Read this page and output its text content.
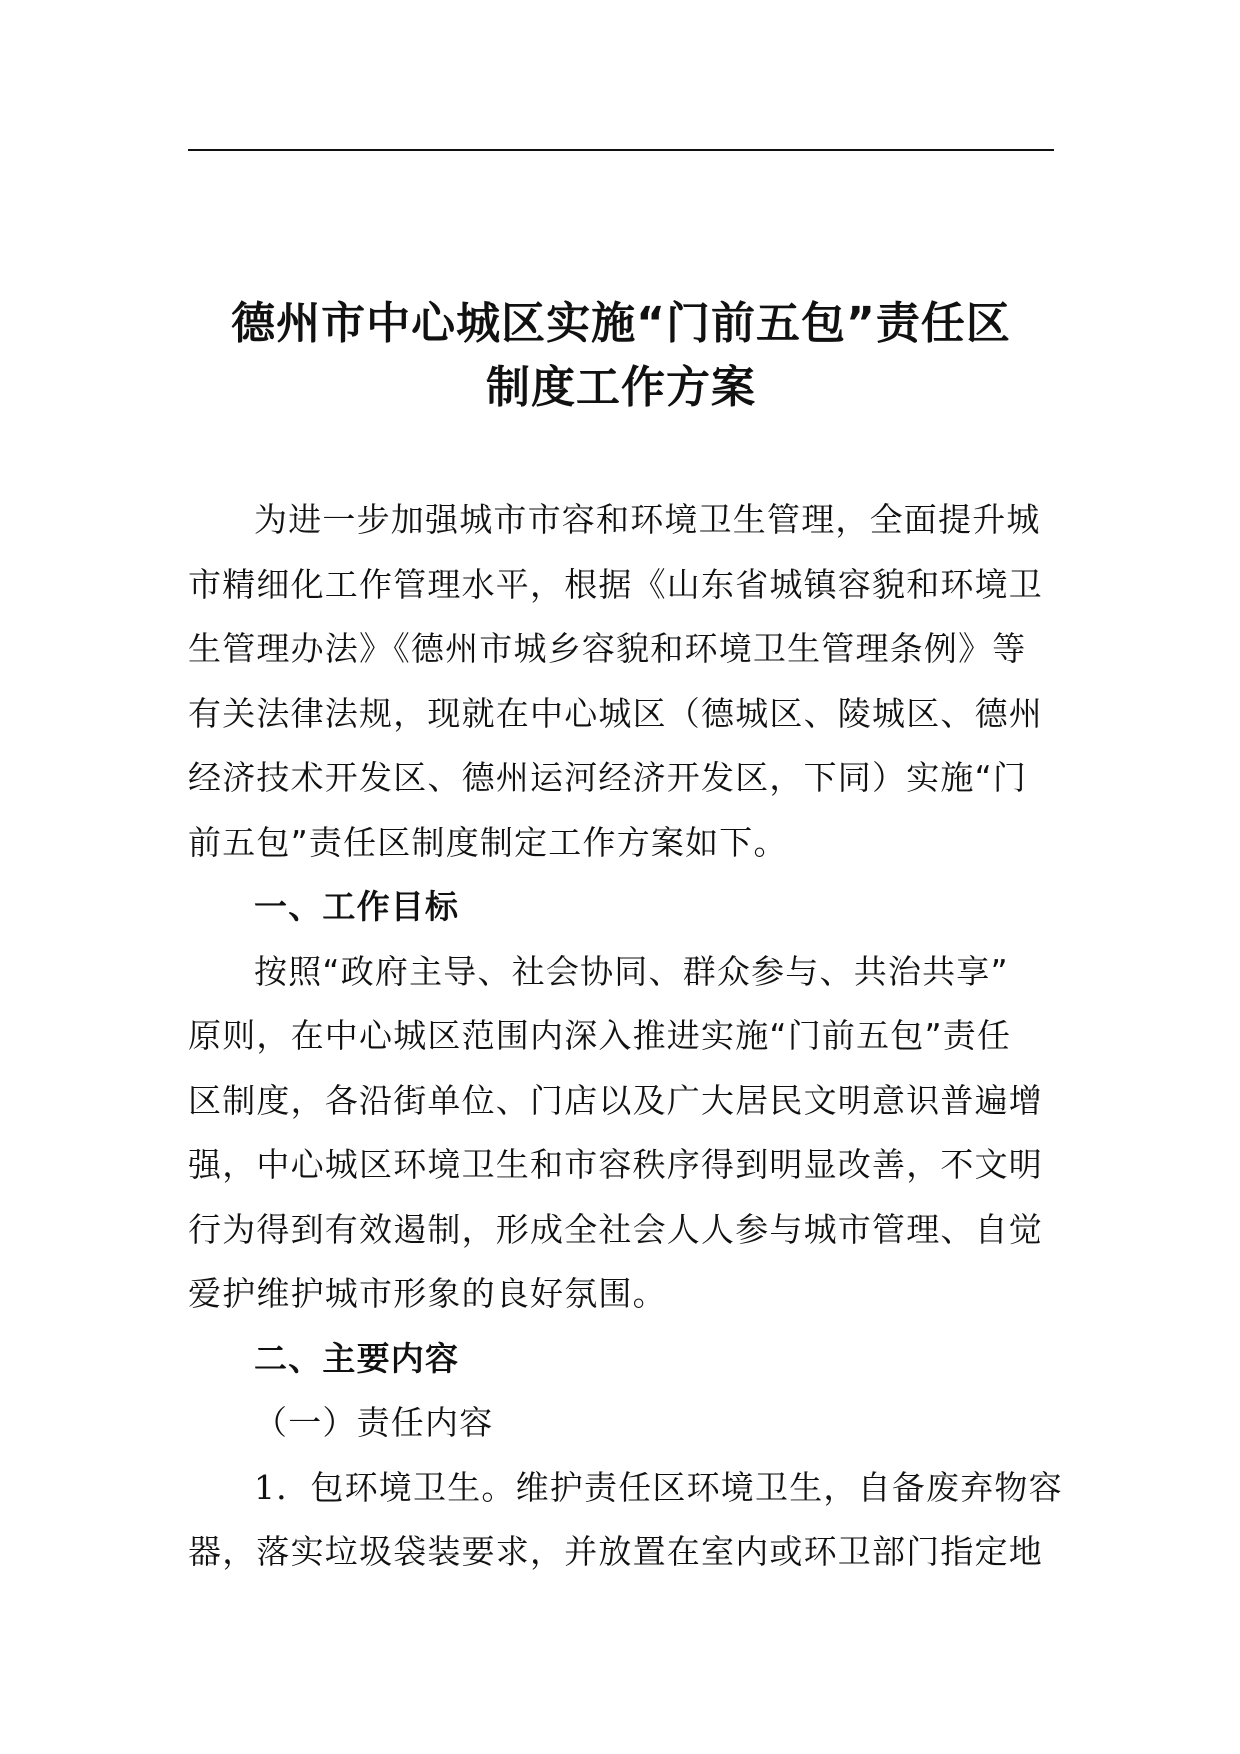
德州市中心城区实施“门前五包”责任区
制度工作方案
为进一步加强城市市容和环境卫生管理，全面提升城
市精细化工作管理水平，根据《山东省城镇容貌和环境卫
生管理办法》《德州市城乡容貌和环境卫生管理条例》等
有关法律法规，现就在中心城区（德城区、陵城区、德州
经济技术开发区、德州运河经济开发区，下同）实施“门
前五包”责任区制度制定工作方案如下。
一、工作目标
按照“政府主导、社会协同、群众参与、共治共享”
原则，在中心城区范围内深入推进实施“门前五包”责任
区制度，各沿街单位、门店以及广大居民文明意识普遍增
强，中心城区环境卫生和市容秩序得到明显改善，不文明
行为得到有效遏制，形成全社会人人参与城市管理、自觉
爱护维护城市形象的良好氛围。
二、主要内容
（一）责任内容
1．包环境卫生。维护责任区环境卫生，自备废弃物容
器，落实垃圾袋装要求，并放置在室内或环卫部门指定地
